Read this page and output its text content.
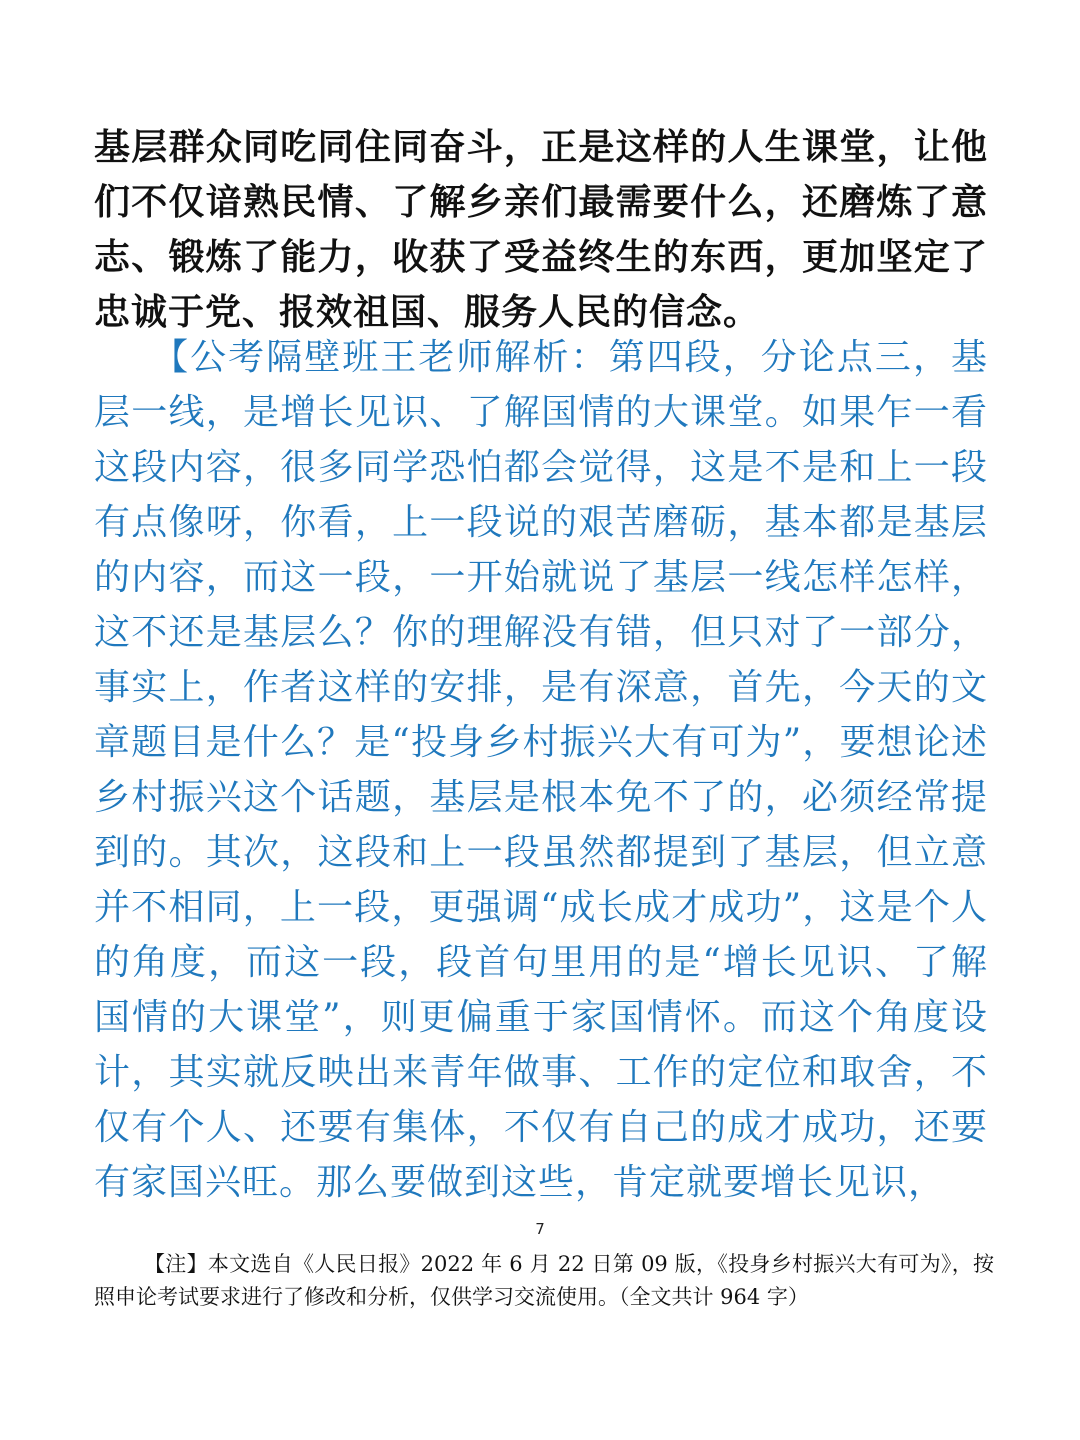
基层群众同吃同住同奋斗，正是这样的人生课堂，让他们不仅谙熟民情、了解乡亲们最需要什么，还磨炼了意志、锻炼了能力，收获了受益终生的东西，更加坚定了忠诚于党、报效祖国、服务人民的信念。

　　【公考隔壁班王老师解析：第四段，分论点三，基层一线，是增长见识、了解国情的大课堂。如果乍一看这段内容，很多同学恐怕都会觉得，这是不是和上一段有点像呀，你看，上一段说的艰苦磨砺，基本都是基层的内容，而这一段，一开始就说了基层一线怎样怎样，这不还是基层么？你的理解没有错，但只对了一部分，事实上，作者这样的安排，是有深意，首先，今天的文章题目是什么？是“投身乡村振兴大有可为”，要想论述乡村振兴这个话题，基层是根本免不了的，必须经常提到的。其次，这段和上一段虽然都提到了基层，但立意并不相同，上一段，更强调“成长成才成功”，这是个人的角度，而这一段，段首句里用的是“增长见识、了解国情的大课堂”，则更偏重于家国情怀。而这个角度设计，其实就反映出来青年做事、工作的定位和取舍，不仅有个人、还要有集体，不仅有自己的成才成功，还要有家国兴旺。那么要做到这些，肯定就要增长见识，

7

【注】本文选自《人民日报》2022 年 6 月 22 日第 09 版，《投身乡村振兴大有可为》，按照申论考试要求进行了修改和分析，仅供学习交流使用。（全文共计 964 字）
